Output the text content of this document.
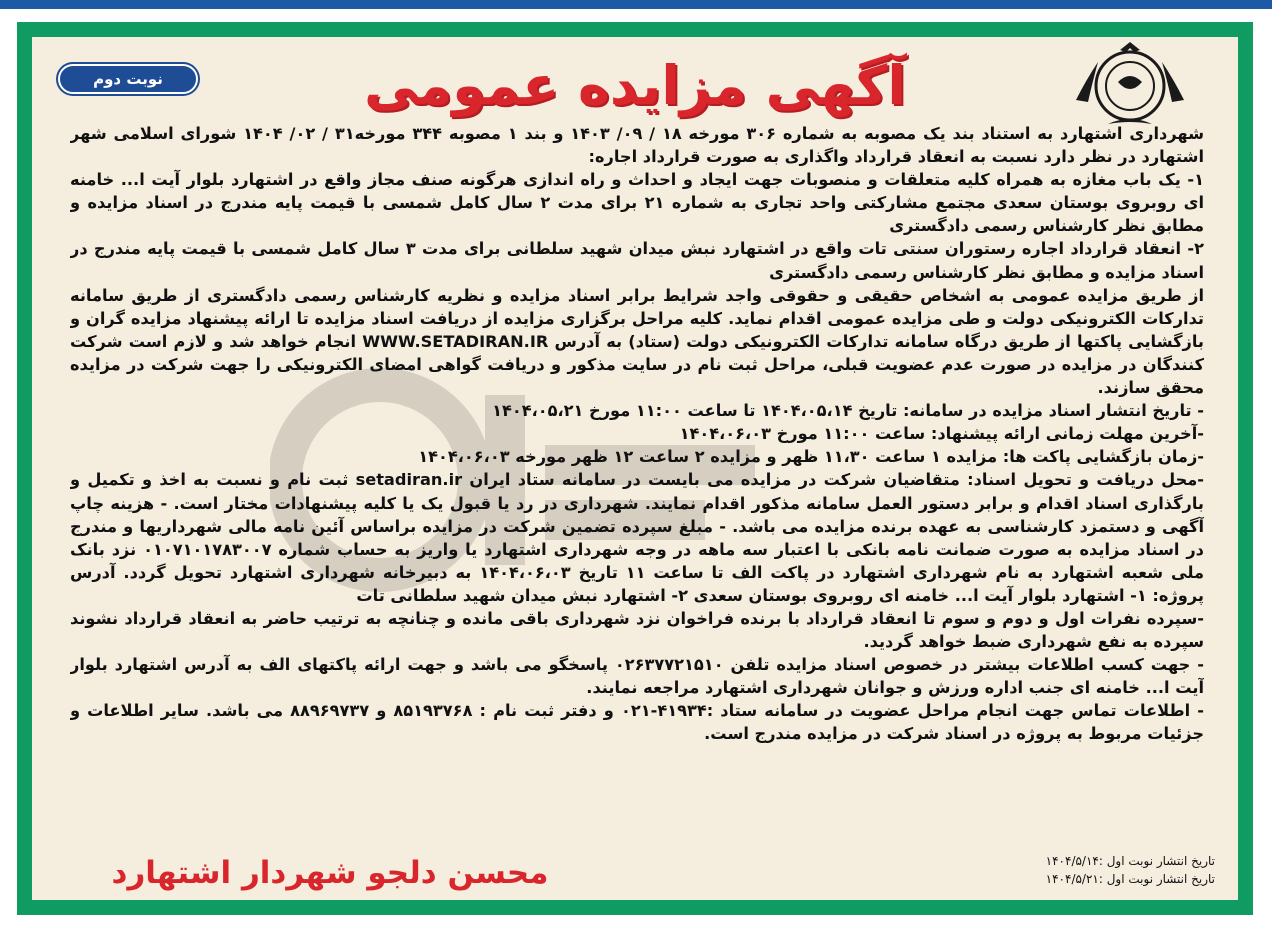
نوبت دوم	آگهی مزایده عمومی

شهرداری اشتهارد به استناد بند یک مصوبه به شماره ۳۰۶ مورخه ۱۸ / ۰۹/ ۱۴۰۳ و بند ۱ مصوبه ۳۴۴ مورخه۳۱ / ۰۲/ ۱۴۰۴ شورای اسلامی شهر اشتهارد در نظر دارد نسبت به انعقاد قرارداد واگذاری به صورت قرارداد اجاره:

۱- یک باب مغازه به همراه کلیه متعلقات و منصوبات جهت ایجاد و احداث و راه اندازی هرگونه صنف مجاز واقع در اشتهارد بلوار آیت ا... خامنه ای روبروی بوستان سعدی مجتمع مشارکتی واحد تجاری به شماره ۲۱ برای مدت ۲ سال کامل شمسی با قیمت پایه مندرج در اسناد مزایده و مطابق نظر کارشناس رسمی دادگستری

۲- انعقاد قرارداد اجاره رستوران سنتی تات واقع در اشتهارد نبش میدان شهید سلطانی برای مدت ۳ سال کامل شمسی با قیمت پایه مندرج در اسناد مزایده و مطابق نظر کارشناس رسمی دادگستری

از طریق مزایده عمومی به اشخاص حقیقی و حقوقی واجد شرایط برابر اسناد مزایده و نظریه کارشناس رسمی دادگستری از طریق سامانه تدارکات الکترونیکی دولت و طی مزایده عمومی اقدام نماید. کلیه مراحل برگزاری مزایده از دریافت اسناد مزایده تا ارائه پیشنهاد مزایده گران و بازگشایی پاکتها از طریق درگاه سامانه تدارکات الکترونیکی دولت (ستاد) به آدرس WWW.SETADIRAN.IR انجام خواهد شد و لازم است شرکت کنندگان در مزایده در صورت عدم عضویت قبلی، مراحل ثبت نام در سایت مذکور و دریافت گواهی امضای الکترونیکی را جهت شرکت در مزایده محقق سازند.

- تاریخ انتشار اسناد مزایده در سامانه: تاریخ ۱۴۰۴،۰۵،۱۴ تا ساعت ۱۱:۰۰ مورخ ۱۴۰۴،۰۵،۲۱

-آخرین مهلت زمانی ارائه پیشنهاد: ساعت ۱۱:۰۰ مورخ ۱۴۰۴،۰۶،۰۳

-زمان بازگشایی پاکت ها: مزایده ۱ ساعت ۱۱،۳۰ ظهر و مزایده ۲ ساعت ۱۲ ظهر مورخه ۱۴۰۴،۰۶،۰۳

-محل دریافت و تحویل اسناد: متقاضیان شرکت در مزایده می بایست در سامانه ستاد ایران setadiran.ir ثبت نام و نسبت به اخذ و تکمیل و بارگذاری اسناد اقدام و برابر دستور العمل سامانه مذکور اقدام نمایند. شهرداری در رد یا قبول یک یا کلیه پیشنهادات مختار است. - هزینه چاپ آگهی و دستمزد کارشناسی به عهده برنده مزایده می باشد. - مبلغ سپرده تضمین شرکت در مزایده براساس آئین نامه مالی شهرداریها و مندرج در اسناد مزایده به صورت ضمانت نامه بانکی با اعتبار سه ماهه در وجه شهرداری اشتهارد یا واریز به حساب شماره ۰۱۰۷۱۰۱۷۸۳۰۰۷ نزد بانک ملی شعبه اشتهارد به نام شهرداری اشتهارد در پاکت الف تا ساعت ۱۱ تاریخ ۱۴۰۴،۰۶،۰۳ به دبیرخانه شهرداری اشتهارد تحویل گردد. آدرس پروژه: ۱- اشتهارد بلوار آیت ا... خامنه ای روبروی بوستان سعدی ۲- اشتهارد نبش میدان شهید سلطانی تات

-سپرده نفرات اول و دوم و سوم تا انعقاد قرارداد با برنده فراخوان نزد شهرداری باقی مانده و چنانچه به ترتیب حاضر به انعقاد قرارداد نشوند سپرده به نفع شهرداری ضبط خواهد گردید.

- جهت کسب اطلاعات بیشتر در خصوص اسناد مزایده تلفن ۰۲۶۳۷۷۲۱۵۱۰ پاسخگو می باشد و جهت ارائه پاکتهای الف به آدرس اشتهارد بلوار آیت ا... خامنه ای جنب اداره ورزش و جوانان شهرداری اشتهارد مراجعه نمایند.

- اطلاعات تماس جهت انجام مراحل عضویت در سامانه ستاد :۴۱۹۳۴-۰۲۱ و دفتر ثبت نام : ۸۵۱۹۳۷۶۸ و ۸۸۹۶۹۷۳۷ می باشد. سایر اطلاعات و جزئیات مربوط به پروژه در اسناد شرکت در مزایده مندرج است.

تاریخ انتشار نوبت اول :۱۴۰۴/۵/۱۴
تاریخ انتشار نوبت اول :۱۴۰۴/۵/۲۱
محسن دلجو شهردار اشتهارد
